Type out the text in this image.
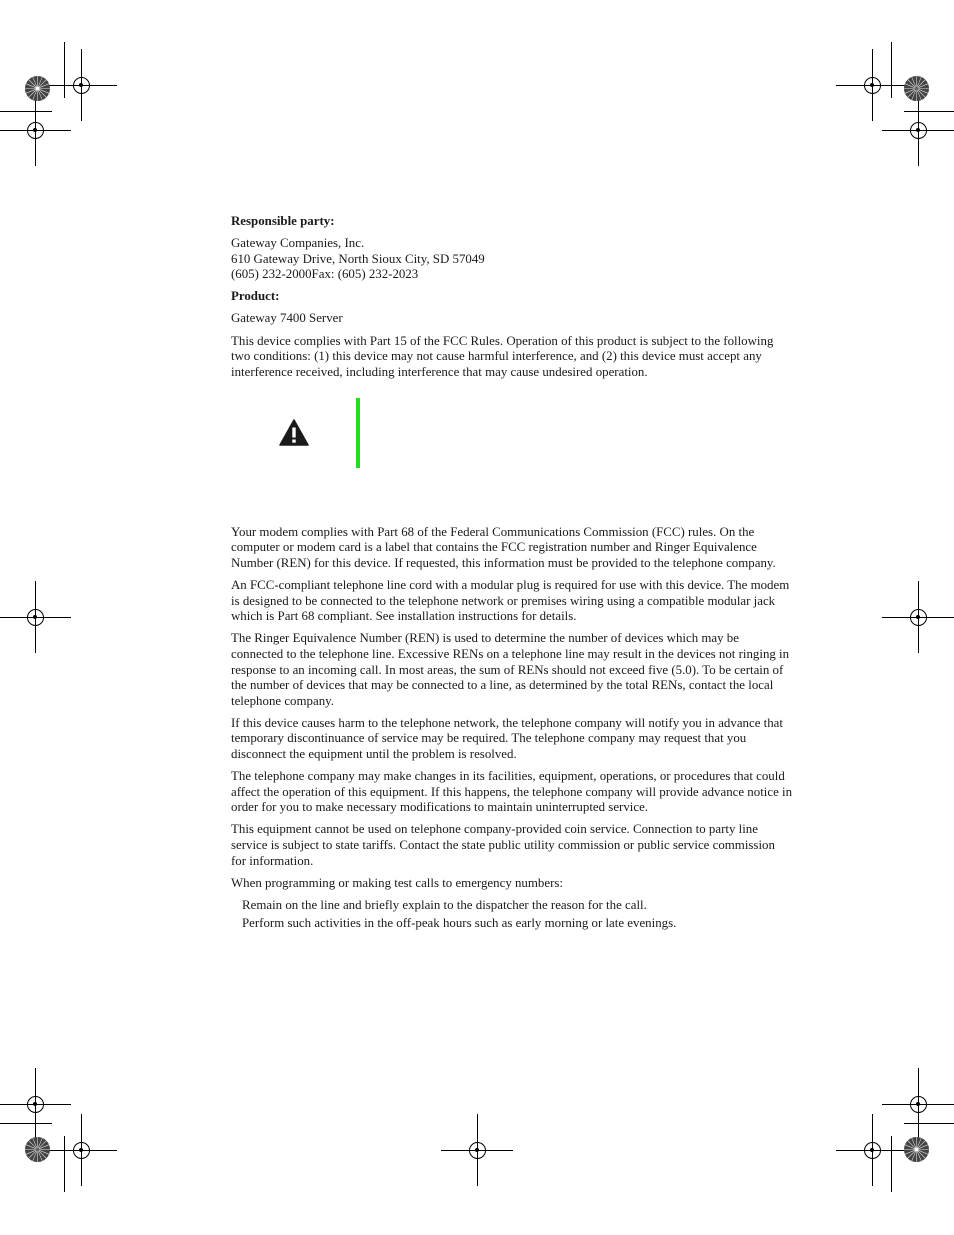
Responsible party:

Gateway Companies, Inc.
610 Gateway Drive, North Sioux City, SD 57049
(605) 232-2000Fax: (605) 232-2023

Product:

Gateway 7400 Server

This device complies with Part 15 of the FCC Rules. Operation of this product is subject to the following two conditions: (1) this device may not cause harmful interference, and (2) this device must accept any interference received, including interference that may cause undesired operation.

Your modem complies with Part 68 of the Federal Communications Commission (FCC) rules. On the computer or modem card is a label that contains the FCC registration number and Ringer Equivalence Number (REN) for this device. If requested, this information must be provided to the telephone company.

An FCC-compliant telephone line cord with a modular plug is required for use with this device. The modem is designed to be connected to the telephone network or premises wiring using a compatible modular jack which is Part 68 compliant. See installation instructions for details.

The Ringer Equivalence Number (REN) is used to determine the number of devices which may be connected to the telephone line. Excessive RENs on a telephone line may result in the devices not ringing in response to an incoming call. In most areas, the sum of RENs should not exceed five (5.0). To be certain of the number of devices that may be connected to a line, as determined by the total RENs, contact the local telephone company.

If this device causes harm to the telephone network, the telephone company will notify you in advance that temporary discontinuance of service may be required. The telephone company may request that you disconnect the equipment until the problem is resolved.

The telephone company may make changes in its facilities, equipment, operations, or procedures that could affect the operation of this equipment. If this happens, the telephone company will provide advance notice in order for you to make necessary modifications to maintain uninterrupted service.

This equipment cannot be used on telephone company-provided coin service. Connection to party line service is subject to state tariffs. Contact the state public utility commission or public service commission for information.

When programming or making test calls to emergency numbers:

Remain on the line and briefly explain to the dispatcher the reason for the call.
Perform such activities in the off-peak hours such as early morning or late evenings.
